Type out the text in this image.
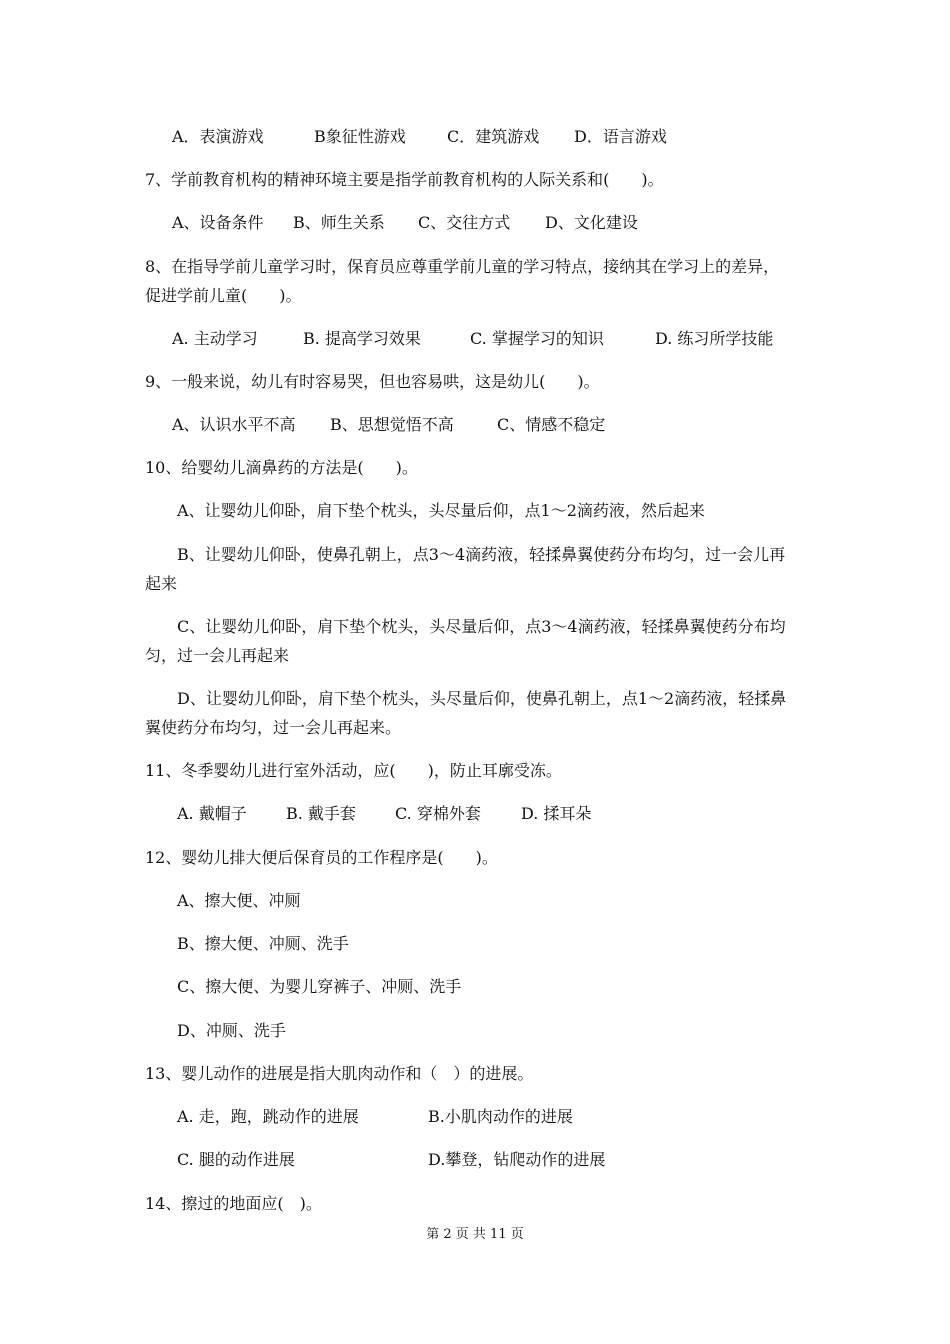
A．表演游戏	B象征性游戏	C．建筑游戏 D．语言游戏
7、学前教育机构的精神环境主要是指学前教育机构的人际关系和(　　)。
A、设备条件 B、师生关系 C、交往方式 D、文化建设
8、在指导学前儿童学习时，保育员应尊重学前儿童的学习特点，接纳其在学习上的差异，
促进学前儿童(　　)。
A. 主动学习	B. 提高学习效果	C. 掌握学习的知识	D. 练习所学技能
9、一般来说，幼儿有时容易哭，但也容易哄，这是幼儿(　　)。
A、认识水平不高 B、思想觉悟不高	C、情感不稳定
10、给婴幼儿滴鼻药的方法是(　　)。
A、让婴幼儿仰卧，肩下垫个枕头，头尽量后仰，点1～2滴药液，然后起来
B、让婴幼儿仰卧，使鼻孔朝上，点3～4滴药液，轻揉鼻翼使药分布均匀，过一会儿再
起来
C、让婴幼儿仰卧，肩下垫个枕头，头尽量后仰，点3～4滴药液，轻揉鼻翼使药分布均
匀，过一会儿再起来
D、让婴幼儿仰卧，肩下垫个枕头，头尽量后仰，使鼻孔朝上，点1～2滴药液，轻揉鼻
翼使药分布均匀，过一会儿再起来。
11、冬季婴幼儿进行室外活动，应(　　)，防止耳廓受冻。
A. 戴帽子 B. 戴手套 C. 穿棉外套	D. 揉耳朵
12、婴幼儿排大便后保育员的工作程序是(　　)。
A、擦大便、冲厕
B、擦大便、冲厕、洗手
C、擦大便、为婴儿穿裤子、冲厕、洗手
D、冲厕、洗手
13、婴儿动作的进展是指大肌肉动作和（　）的进展。
A. 走，跑，跳动作的进展	B.小肌肉动作的进展
C. 腿的动作进展	D.攀登，钻爬动作的进展
14、擦过的地面应(　)。
第 2 页 共 11 页
